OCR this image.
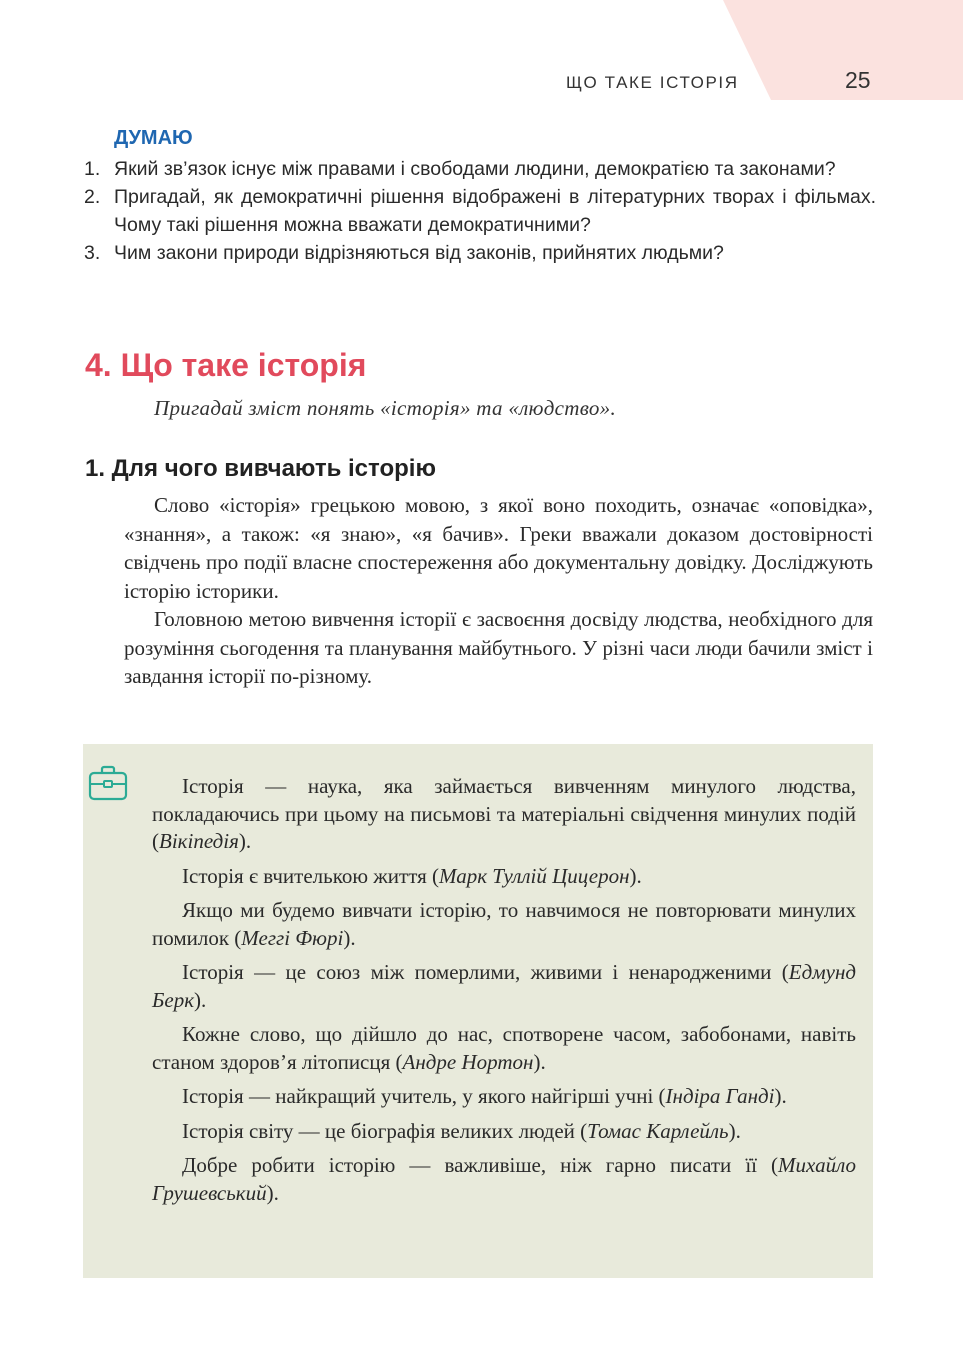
ЩО ТАКЕ ІСТОРІЯ	25
ДУМАЮ
1. Який зв’язок існує між правами і свободами людини, демократією та законами?
2. Пригадай, як демократичні рішення відображені в літературних творах і фільмах. Чому такі рішення можна вважати демократичними?
3. Чим закони природи відрізняються від законів, прийнятих людьми?
4. Що таке історія
Пригадай зміст понять «історія» та «людство».
1. Для чого вивчають історію

Слово «історія» грецькою мовою, з якої воно походить, означає «оповідка», «знання», а також: «я знаю», «я бачив». Греки вважали доказом достовірності свідчень про події власне спостереження або документальну довідку. Досліджують історію історики.

Головною метою вивчення історії є засвоєння досвіду людства, необхідного для розуміння сьогодення та планування майбутнього. У різні часи люди бачили зміст і завдання історії по-різному.

Історія — наука, яка займається вивченням минулого людства, покладаючись при цьому на письмові та матеріальні свідчення минулих подій (Вікіпедія).

Історія є вчителькою життя (Марк Туллій Цицерон).

Якщо ми будемо вивчати історію, то навчимося не повторювати минулих помилок (Меггі Фюрі).

Історія — це союз між померлими, живими і ненародженими (Едмунд Берк).

Кожне слово, що дійшло до нас, спотворене часом, забобонами, навіть станом здоров’я літописця (Андре Нортон).

Історія — найкращий учитель, у якого найгірші учні (Індіра Ганді).

Історія світу — це біографія великих людей (Томас Карлейль).

Добре робити історію — важливіше, ніж гарно писати її (Михайло Грушевський).
